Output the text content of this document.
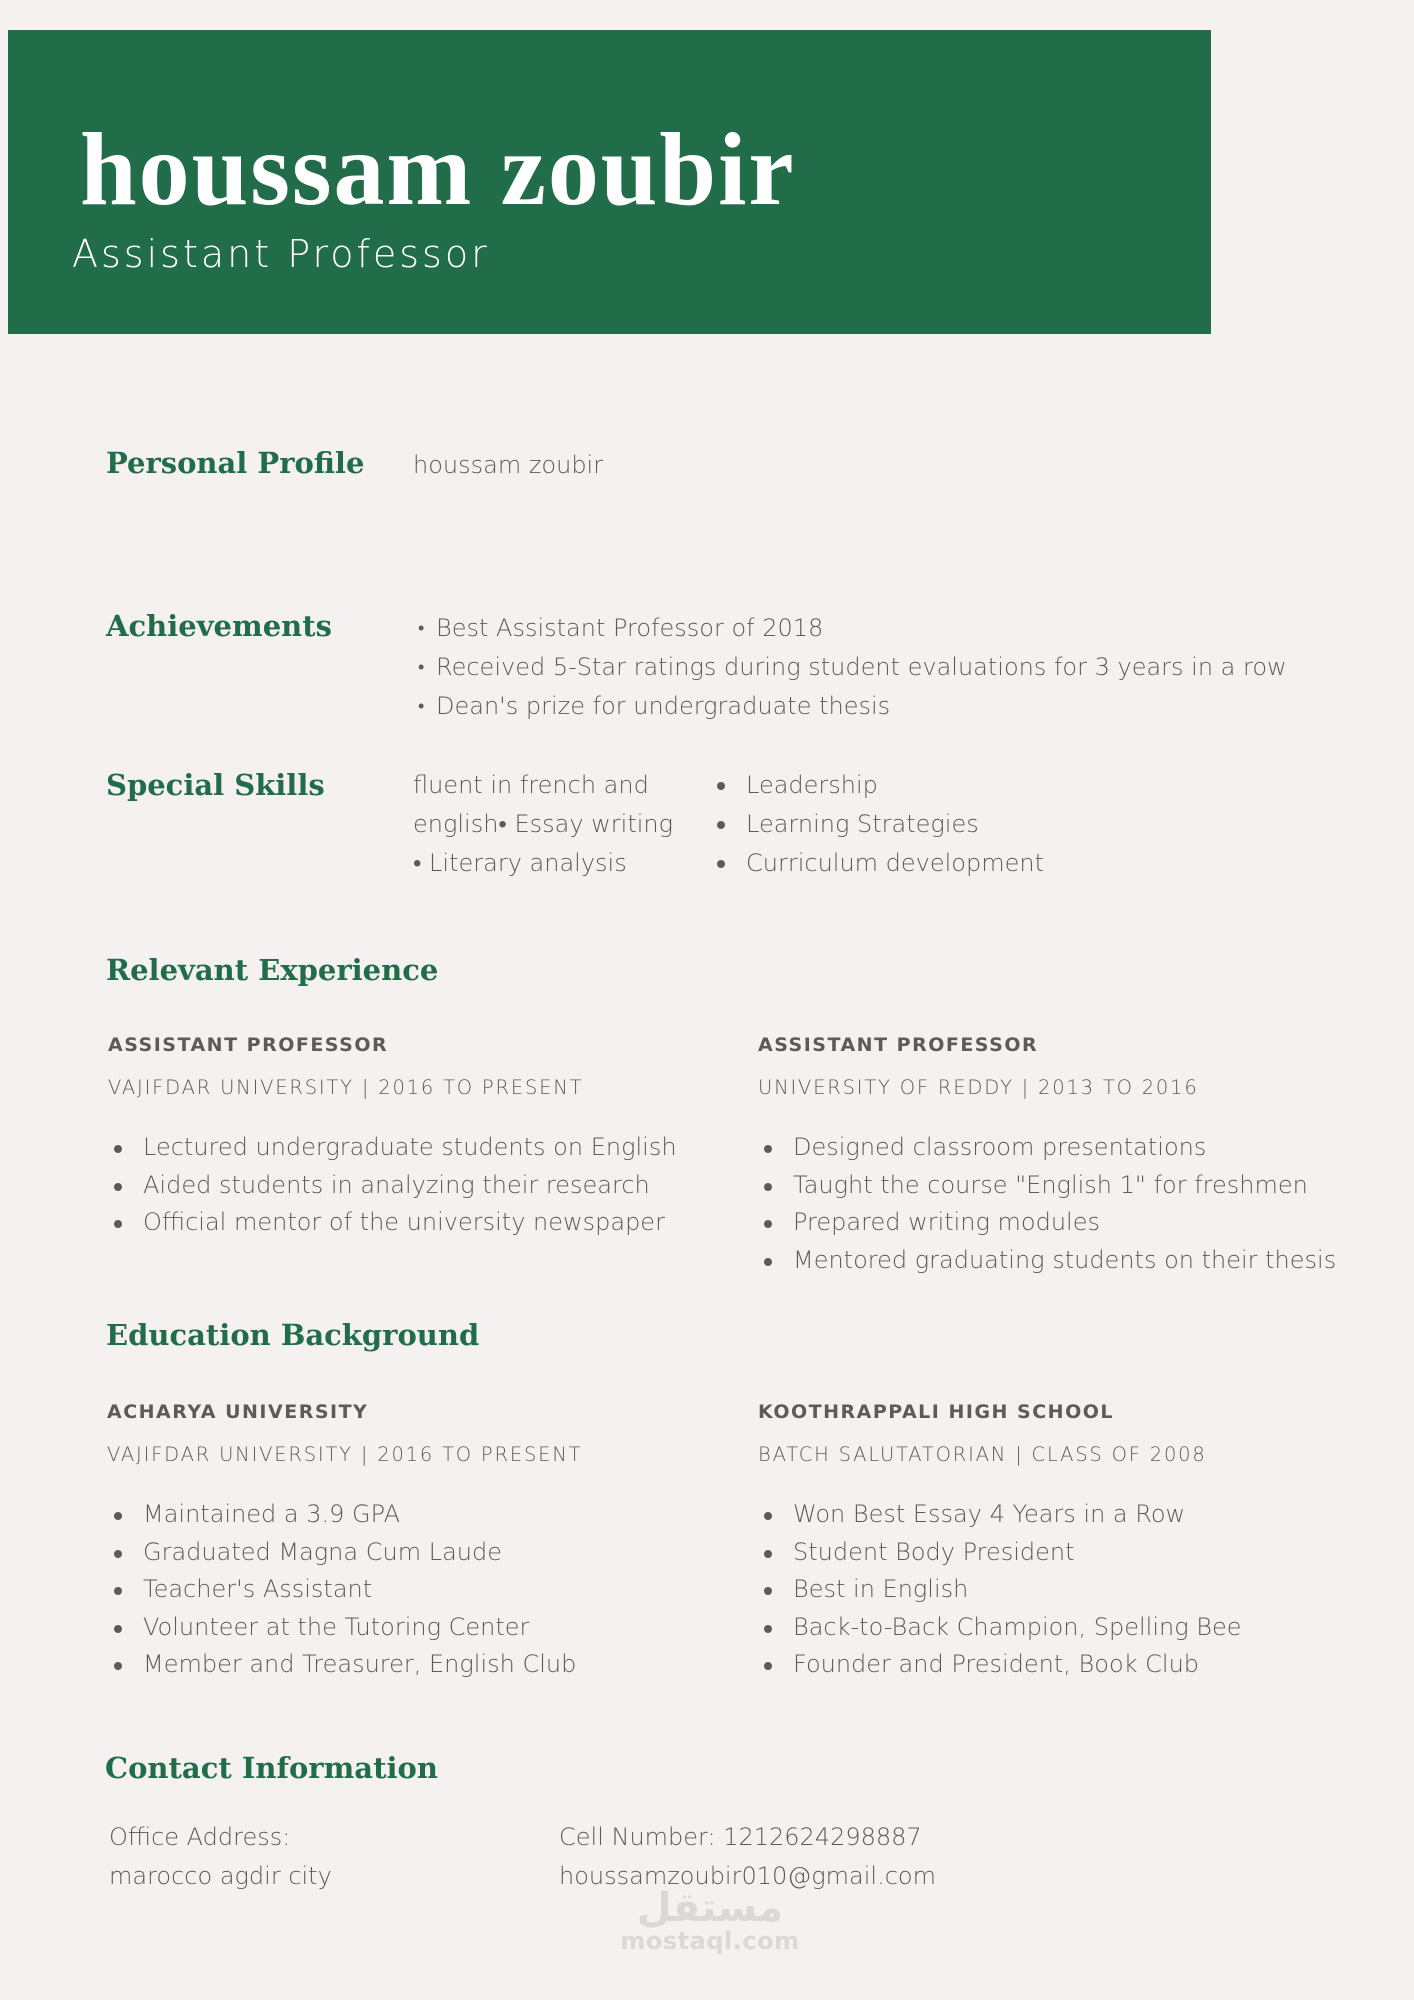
houssam zoubir
Assistant Professor
Personal Profile houssam zoubir
Achievements	• Best Assistant Professor of 2018
• Received 5-Star ratings during student evaluations for 3 years in a row
• Dean's prize for undergraduate thesis
Special Skills	fluent in french and english• Essay writing
• Literary analysis
Leadership
Learning Strategies
Curriculum development
Relevant Experience
ASSISTANT PROFESSOR
VAJIFDAR UNIVERSITY | 2016 TO PRESENT
Lectured undergraduate students on English
Aided students in analyzing their research
Official mentor of the university newspaper
ASSISTANT PROFESSOR
UNIVERSITY OF REDDY | 2013 TO 2016
Designed classroom presentations
Taught the course "English 1" for freshmen
Prepared writing modules
Mentored graduating students on their thesis
Education Background
ACHARYA UNIVERSITY
VAJIFDAR UNIVERSITY | 2016 TO PRESENT
Maintained a 3.9 GPA
Graduated Magna Cum Laude
Teacher's Assistant
Volunteer at the Tutoring Center
Member and Treasurer, English Club
KOOTHRAPPALI HIGH SCHOOL
BATCH SALUTATORIAN | CLASS OF 2008
Won Best Essay 4 Years in a Row
Student Body President
Best in English
Back-to-Back Champion, Spelling Bee
Founder and President, Book Club
Contact Information
Office Address:
marocco agdir city
Cell Number: 1212624298887
houssamzoubir010@gmail.com
مستقل
mostaql.com
